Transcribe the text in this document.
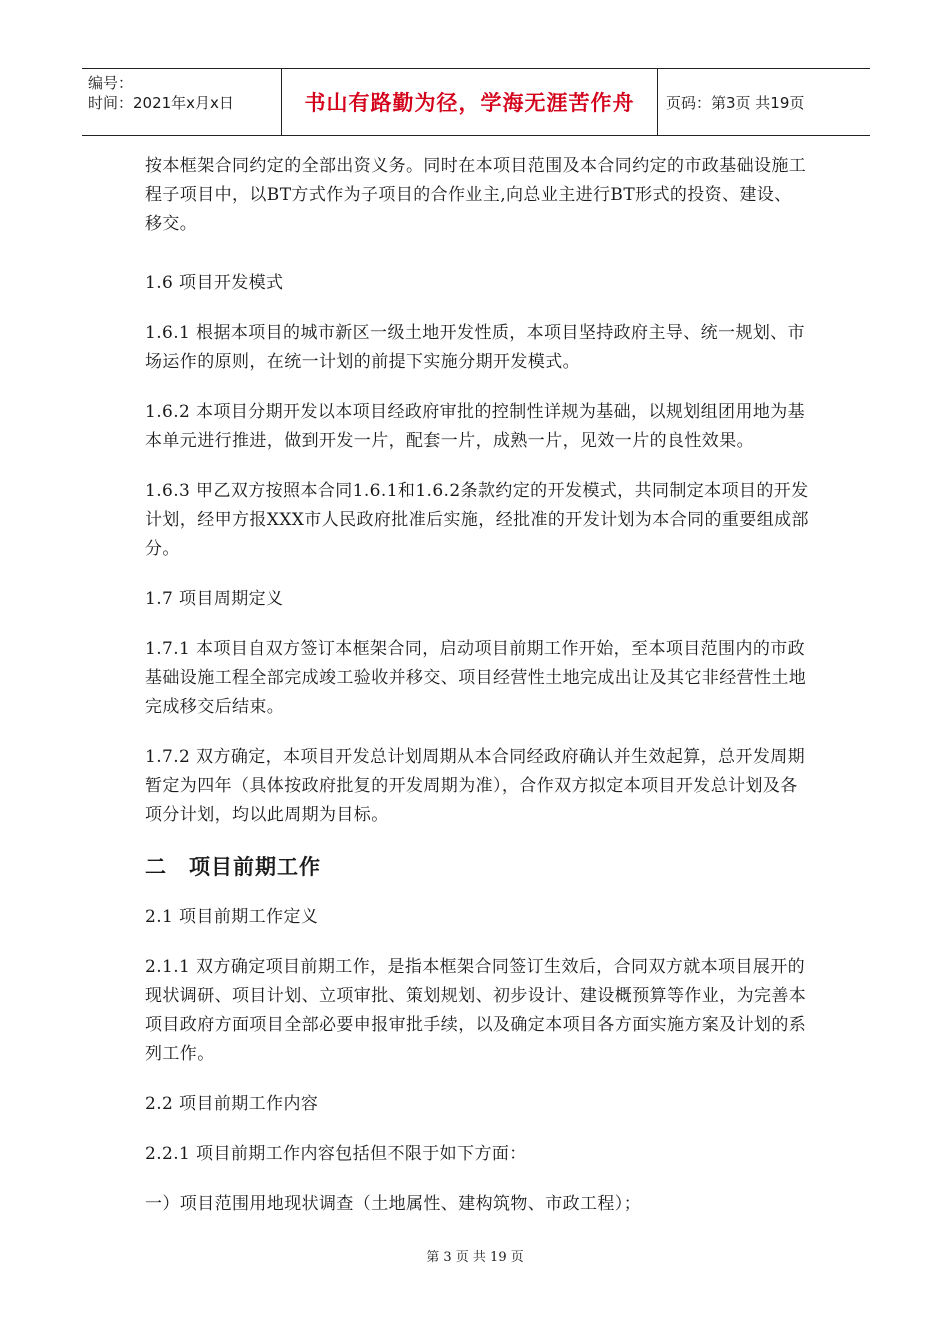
编号：
时间：2021年x月x日	书山有路勤为径，学海无涯苦作舟	页码：第3页 共19页

按本框架合同约定的全部出资义务。同时在本项目范围及本合同约定的市政基础设施工程子项目中，以BT方式作为子项目的合作业主,向总业主进行BT形式的投资、建设、移交。

1.6 项目开发模式

1.6.1 根据本项目的城市新区一级土地开发性质，本项目坚持政府主导、统一规划、市场运作的原则，在统一计划的前提下实施分期开发模式。

1.6.2 本项目分期开发以本项目经政府审批的控制性详规为基础，以规划组团用地为基本单元进行推进，做到开发一片，配套一片，成熟一片，见效一片的良性效果。

1.6.3 甲乙双方按照本合同1.6.1和1.6.2条款约定的开发模式，共同制定本项目的开发计划，经甲方报XXX市人民政府批准后实施，经批准的开发计划为本合同的重要组成部分。

1.7 项目周期定义

1.7.1 本项目自双方签订本框架合同，启动项目前期工作开始，至本项目范围内的市政基础设施工程全部完成竣工验收并移交、项目经营性土地完成出让及其它非经营性土地完成移交后结束。

1.7.2 双方确定，本项目开发总计划周期从本合同经政府确认并生效起算，总开发周期暂定为四年（具体按政府批复的开发周期为准），合作双方拟定本项目开发总计划及各项分计划，均以此周期为目标。

二 项目前期工作

2.1 项目前期工作定义

2.1.1 双方确定项目前期工作，是指本框架合同签订生效后，合同双方就本项目展开的现状调研、项目计划、立项审批、策划规划、初步设计、建设概预算等作业，为完善本项目政府方面项目全部必要申报审批手续，以及确定本项目各方面实施方案及计划的系列工作。

2.2 项目前期工作内容

2.2.1 项目前期工作内容包括但不限于如下方面：

一）项目范围用地现状调查（土地属性、建构筑物、市政工程）；

第 3 页 共 19 页
